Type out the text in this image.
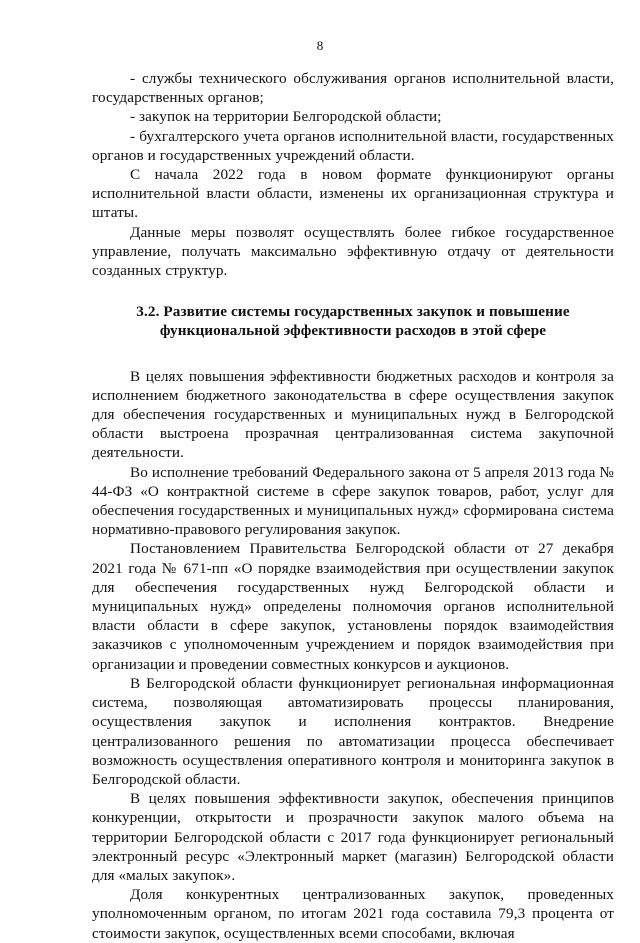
8

- службы технического обслуживания органов исполнительной власти, государственных органов;

- закупок на территории Белгородской области;

- бухгалтерского учета органов исполнительной власти, государственных органов и государственных учреждений области.

С начала 2022 года в новом формате функционируют органы исполнительной власти области, изменены их организационная структура и штаты.

Данные меры позволят осуществлять более гибкое государственное управление, получать максимально эффективную отдачу от деятельности созданных структур.

3.2. Развитие системы государственных закупок и повышение функциональной эффективности расходов в этой сфере

В целях повышения эффективности бюджетных расходов и контроля за исполнением бюджетного законодательства в сфере осуществления закупок для обеспечения государственных и муниципальных нужд в Белгородской области выстроена прозрачная централизованная система закупочной деятельности.

Во исполнение требований Федерального закона от 5 апреля 2013 года № 44-ФЗ «О контрактной системе в сфере закупок товаров, работ, услуг для обеспечения государственных и муниципальных нужд» сформирована система нормативно-правового регулирования закупок.

Постановлением Правительства Белгородской области от 27 декабря 2021 года № 671-пп «О порядке взаимодействия при осуществлении закупок для обеспечения государственных нужд Белгородской области и муниципальных нужд» определены полномочия органов исполнительной власти области в сфере закупок, установлены порядок взаимодействия заказчиков с уполномоченным учреждением и порядок взаимодействия при организации и проведении совместных конкурсов и аукционов.

В Белгородской области функционирует региональная информационная система, позволяющая автоматизировать процессы планирования, осуществления закупок и исполнения контрактов. Внедрение централизованного решения по автоматизации процесса обеспечивает возможность осуществления оперативного контроля и мониторинга закупок в Белгородской области.

В целях повышения эффективности закупок, обеспечения принципов конкуренции, открытости и прозрачности закупок малого объема на территории Белгородской области с 2017 года функционирует региональный электронный ресурс «Электронный маркет (магазин) Белгородской области для «малых закупок».

Доля конкурентных централизованных закупок, проведенных уполномоченным органом, по итогам 2021 года составила 79,3 процента от стоимости закупок, осуществленных всеми способами, включая
